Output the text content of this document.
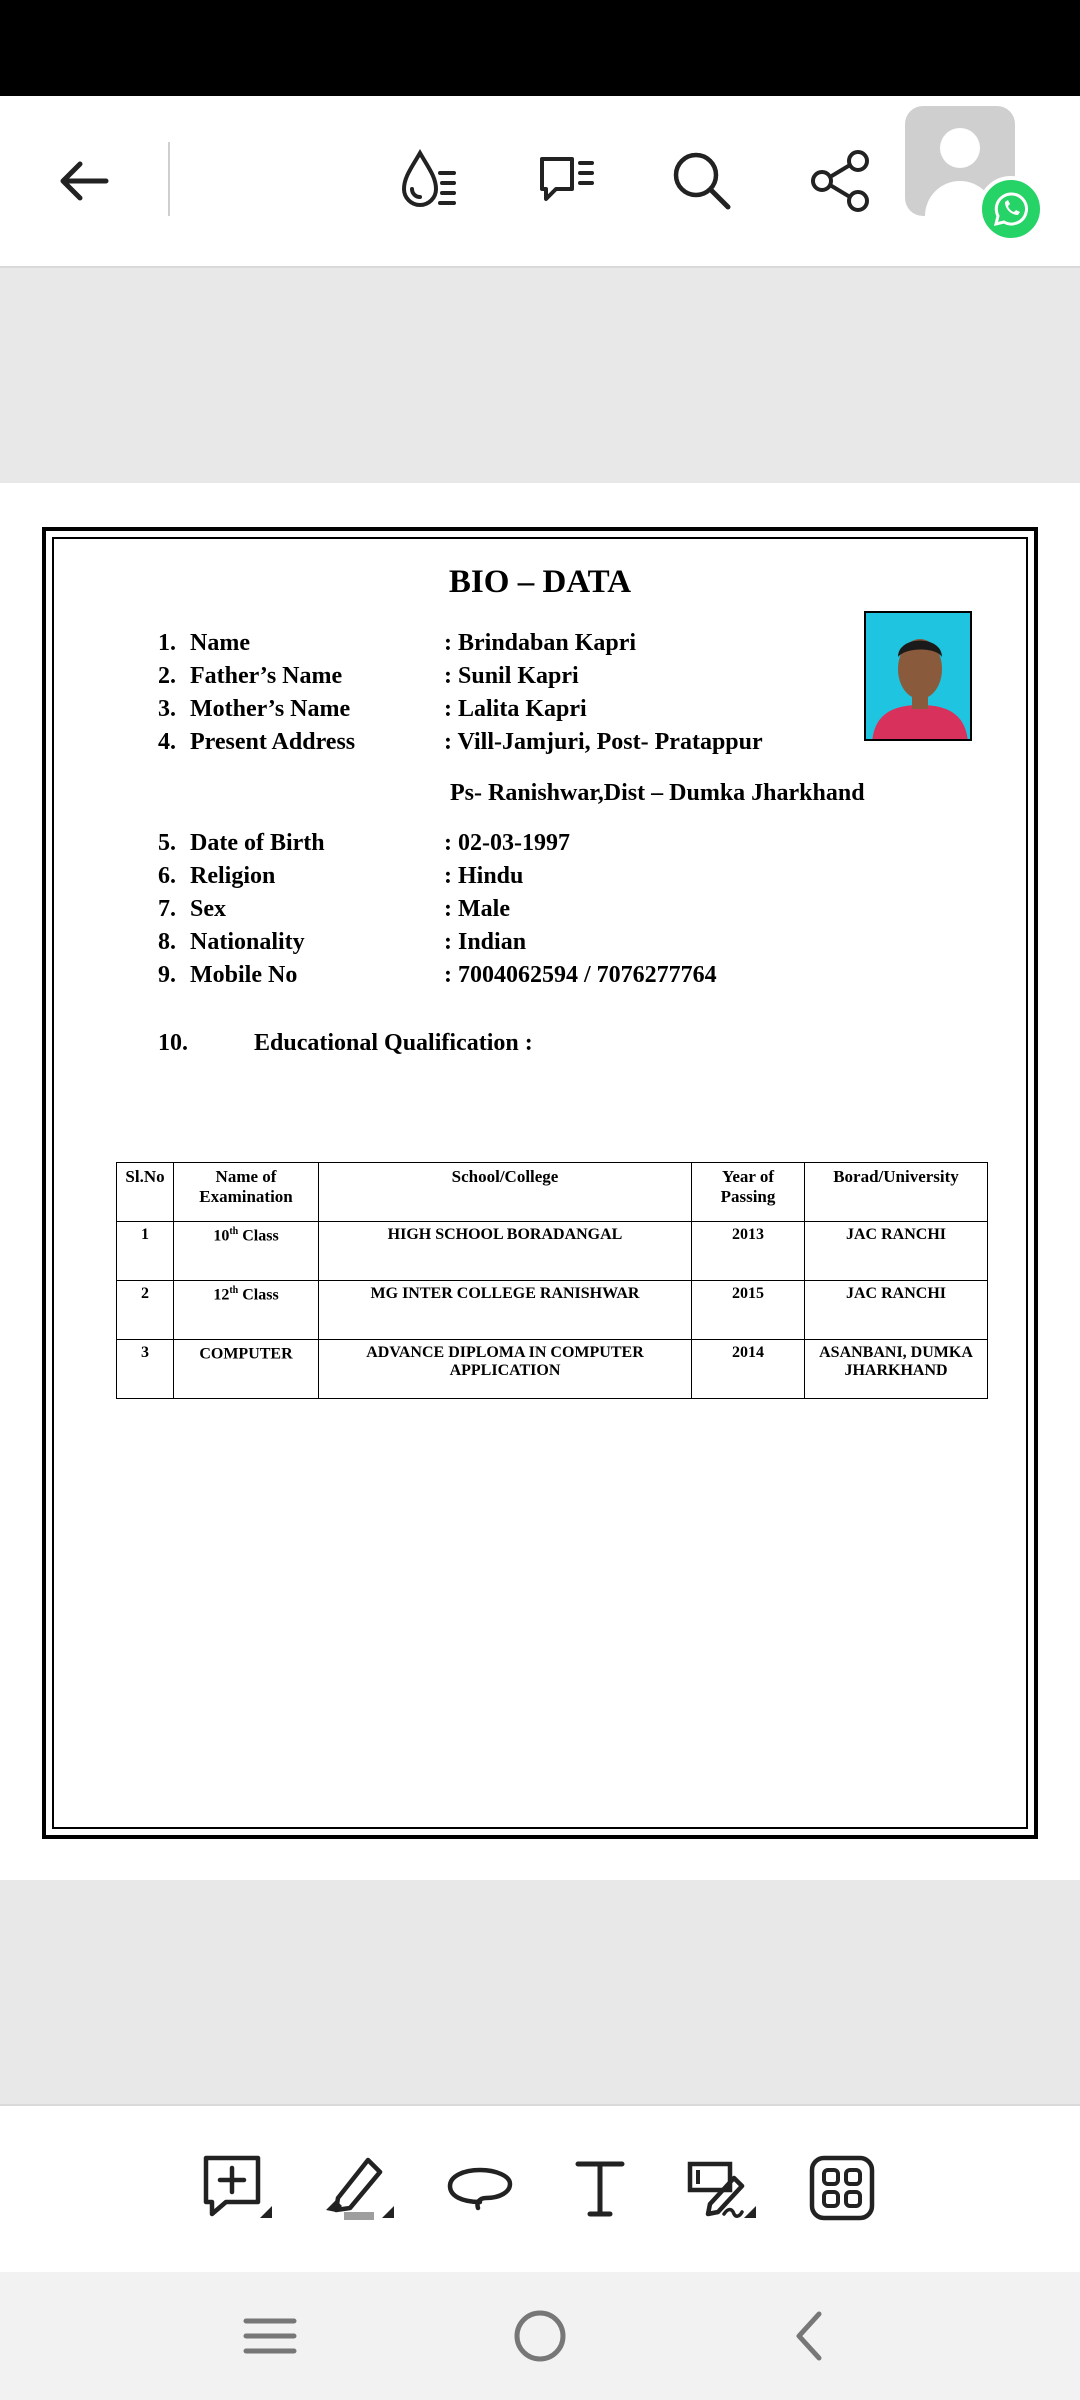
BIO – DATA
1. Name	: Brindaban Kapri
2. Father’s Name	: Sunil Kapri
3. Mother’s Name	: Lalita Kapri
4. Present Address	: Vill-Jamjuri, Post- Pratappur
5. Date of Birth	: 02-03-1997
6. Religion	: Hindu
7. Sex	: Male
8. Nationality	: Indian
9. Mobile No	: 7004062594 / 7076277764
Ps- Ranishwar,Dist – Dumka Jharkhand
10.	Educational Qualification :
Sl.No	Name of Examination	School/College	Year of Passing	Borad/University
1	10th Class	HIGH SCHOOL BORADANGAL	2013	JAC RANCHI
2	12th Class	MG INTER COLLEGE RANISHWAR	2015	JAC RANCHI
3	COMPUTER	ADVANCE DIPLOMA IN COMPUTER APPLICATION	2014	ASANBANI, DUMKA JHARKHAND
